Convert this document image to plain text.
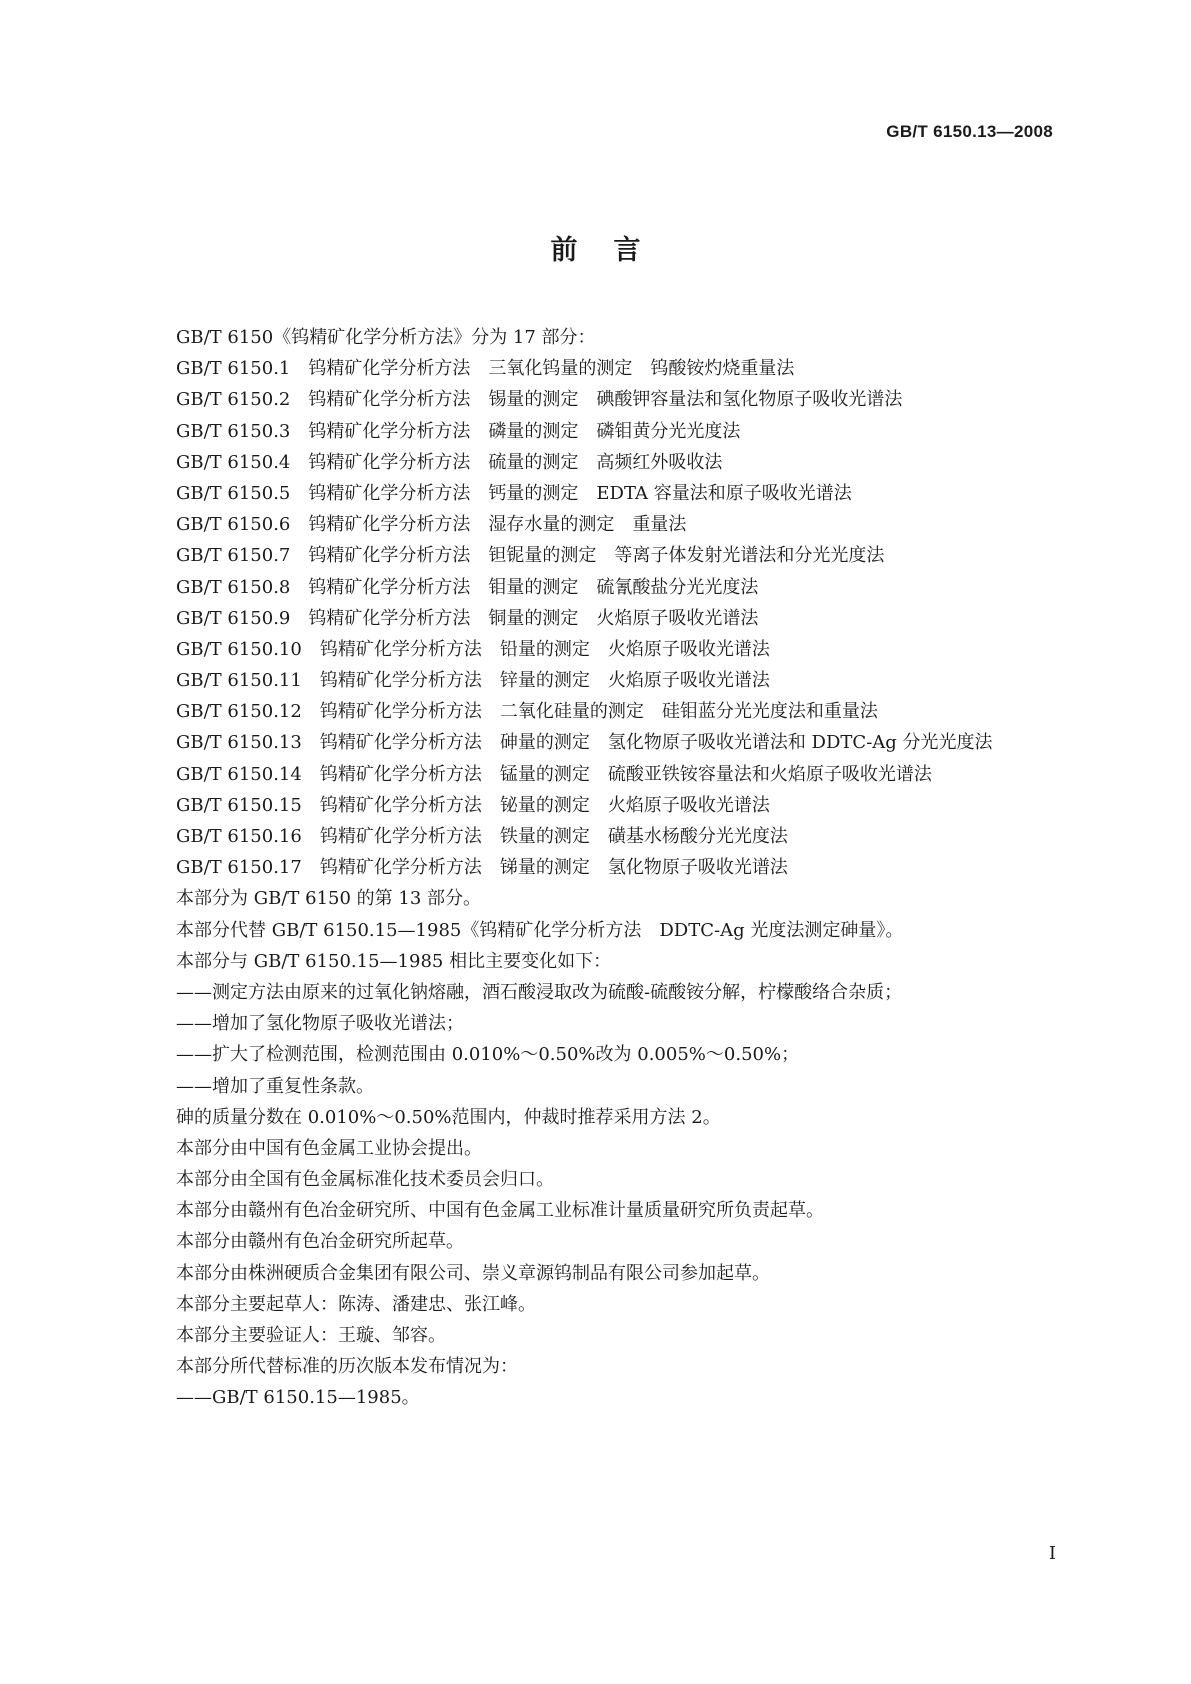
GB/T 6150.13—2008
前言
GB/T 6150《钨精矿化学分析方法》分为 17 部分：
GB/T 6150.1　钨精矿化学分析方法　三氧化钨量的测定　钨酸铵灼烧重量法
GB/T 6150.2　钨精矿化学分析方法　锡量的测定　碘酸钾容量法和氢化物原子吸收光谱法
GB/T 6150.3　钨精矿化学分析方法　磷量的测定　磷钼黄分光光度法
GB/T 6150.4　钨精矿化学分析方法　硫量的测定　高频红外吸收法
GB/T 6150.5　钨精矿化学分析方法　钙量的测定　EDTA 容量法和原子吸收光谱法
GB/T 6150.6　钨精矿化学分析方法　湿存水量的测定　重量法
GB/T 6150.7　钨精矿化学分析方法　钽铌量的测定　等离子体发射光谱法和分光光度法
GB/T 6150.8　钨精矿化学分析方法　钼量的测定　硫氰酸盐分光光度法
GB/T 6150.9　钨精矿化学分析方法　铜量的测定　火焰原子吸收光谱法
GB/T 6150.10　钨精矿化学分析方法　铅量的测定　火焰原子吸收光谱法
GB/T 6150.11　钨精矿化学分析方法　锌量的测定　火焰原子吸收光谱法
GB/T 6150.12　钨精矿化学分析方法　二氧化硅量的测定　硅钼蓝分光光度法和重量法
GB/T 6150.13　钨精矿化学分析方法　砷量的测定　氢化物原子吸收光谱法和 DDTC-Ag 分光光度法
GB/T 6150.14　钨精矿化学分析方法　锰量的测定　硫酸亚铁铵容量法和火焰原子吸收光谱法
GB/T 6150.15　钨精矿化学分析方法　铋量的测定　火焰原子吸收光谱法
GB/T 6150.16　钨精矿化学分析方法　铁量的测定　磺基水杨酸分光光度法
GB/T 6150.17　钨精矿化学分析方法　锑量的测定　氢化物原子吸收光谱法
本部分为 GB/T 6150 的第 13 部分。
本部分代替 GB/T 6150.15—1985《钨精矿化学分析方法　DDTC-Ag 光度法测定砷量》。
本部分与 GB/T 6150.15—1985 相比主要变化如下：
——测定方法由原来的过氧化钠熔融，酒石酸浸取改为硫酸-硫酸铵分解，柠檬酸络合杂质；
——增加了氢化物原子吸收光谱法；
——扩大了检测范围，检测范围由 0.010%～0.50%改为 0.005%～0.50%；
——增加了重复性条款。
砷的质量分数在 0.010%～0.50%范围内，仲裁时推荐采用方法 2。
本部分由中国有色金属工业协会提出。
本部分由全国有色金属标准化技术委员会归口。
本部分由赣州有色冶金研究所、中国有色金属工业标准计量质量研究所负责起草。
本部分由赣州有色冶金研究所起草。
本部分由株洲硬质合金集团有限公司、崇义章源钨制品有限公司参加起草。
本部分主要起草人：陈涛、潘建忠、张江峰。
本部分主要验证人：王璇、邹容。
本部分所代替标准的历次版本发布情况为：
——GB/T 6150.15—1985。
I
